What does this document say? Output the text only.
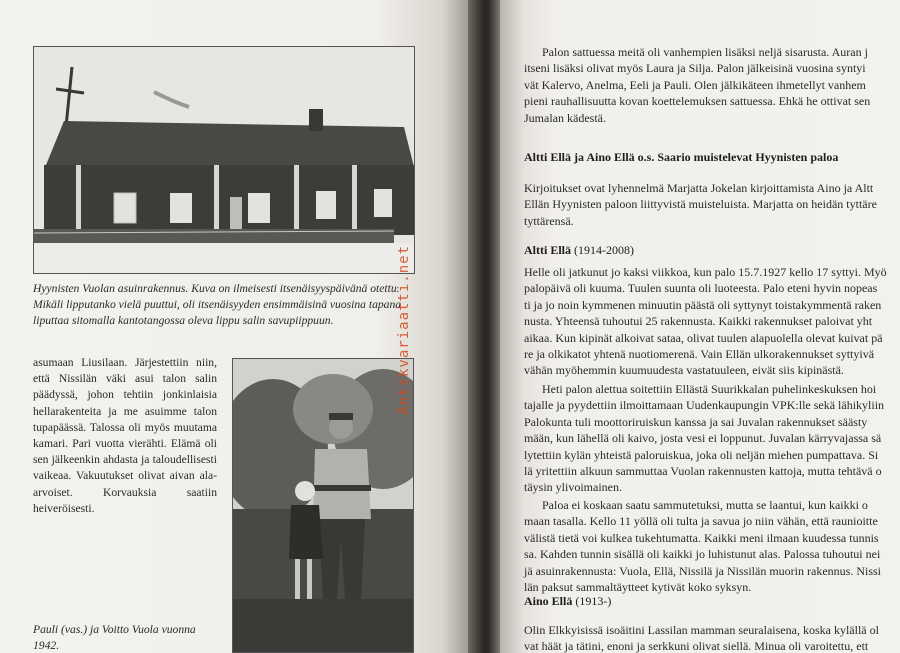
Hyynisten Vuolan asuinrakennus. Kuva on ilmeisesti itsenäisyyspäivänä otettu. Mikäli lipputanko vielä puuttui, oli itsenäisyyden ensimmäisinä vuosina tapana liputtaa sitomalla kantotangossa oleva lippu salin savupiippuun.
asumaan Liusilaan. Järjestettiin niin, että Nissilän väki asui talon salin päädyssä, johon tehtiin jonkinlaisia hellarakenteita ja me asuimme talon tupapäässä. Talossa oli myös muutama kamari. Pari vuotta vierähti. Elämä oli sen jälkeenkin ahdasta ja taloudellisesti vaikeaa. Vakuutukset olivat aivan ala-arvoiset. Korvauksia saatiin heiveröisesti.
Pauli (vas.) ja Voitto Vuola vuonna 1942.
Antikvariaatti.net

Palon sattuessa meitä oli vanhempien lisäksi neljä sisarusta. Auran j

itseni lisäksi olivat myös Laura ja Silja. Palon jälkeisinä vuosina syntyi

vät Kalervo, Anelma, Eeli ja Pauli. Olen jälkikäteen ihmetellyt vanhem

pieni rauhallisuutta kovan koettelemuksen sattuessa. Ehkä he ottivat sen

Jumalan kädestä.

Altti Ellä ja Aino Ellä o.s. Saario muistelevat Hyynisten paloa

Kirjoitukset ovat lyhennelmä Marjatta Jokelan kirjoittamista Aino ja Altt

Ellän Hyynisten paloon liittyvistä muisteluista. Marjatta on heidän tyttäre

tyttärensä.

Altti Ellä (1914-2008)

Helle oli jatkunut jo kaksi viikkoa, kun palo 15.7.1927 kello 17 syttyi. Myö

palopäivä oli kuuma. Tuulen suunta oli luoteesta. Palo eteni hyvin nopeas

ti ja jo noin kymmenen minuutin päästä oli syttynyt toistakymmentä raken

nusta. Yhteensä tuhoutui 25 rakennusta. Kaikki rakennukset paloivat yht

aikaa. Kun kipinät alkoivat sataa, olivat tuulen alapuolella olevat kuivat pä

re ja olkikatot yhtenä nuotiomerenä. Vain Ellän ulkorakennukset syttyivä

vähän myöhemmin kuumuudesta vastatuuleen, eivät siis kipinästä.

Heti palon alettua soitettiin Ellästä Suurikkalan puhelinkeskuksen hoi

tajalle ja pyydettiin ilmoittamaan Uudenkaupungin VPK:lle sekä lähikyliin

Palokunta tuli moottoriruiskun kanssa ja sai Juvalan rakennukset säästy

mään, kun lähellä oli kaivo, josta vesi ei loppunut. Juvalan kärryvajassa sä

lytettiin kylän yhteistä paloruiskua, joka oli neljän miehen pumpattava. Si

lä yritettiin alkuun sammuttaa Vuolan rakennusten kattoja, mutta tehtävä o

täysin ylivoimainen.

Paloa ei koskaan saatu sammutetuksi, mutta se laantui, kun kaikki o

maan tasalla. Kello 11 yöllä oli tulta ja savua jo niin vähän, että raunioitte

välistä tietä voi kulkea tukehtumatta. Kaikki meni ilmaan kuudessa tunnis

sa. Kahden tunnin sisällä oli kaikki jo luhistunut alas. Palossa tuhoutui nei

jä asuinrakennusta: Vuola, Ellä, Nissilä ja Nissilän muorin rakennus. Nissi

län paksut sammaltäytteet kytivät koko syksyn.

Aino Ellä (1913-)

Olin Elkkyisissä isoäitini Lassilan mamman seuralaisena, koska kylällä ol

vat häät ja tätini, enoni ja serkkuni olivat siellä. Minua oli varoitettu, ett
